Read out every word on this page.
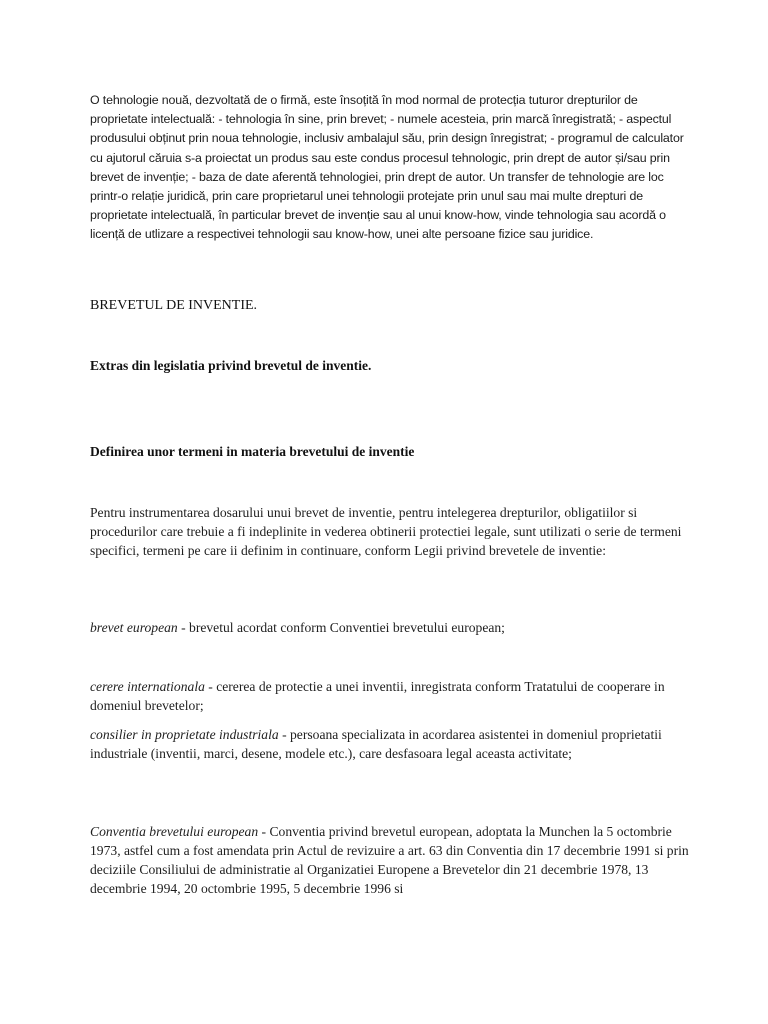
O tehnologie nouă, dezvoltată de o firmă, este însoțită în mod normal de protecția tuturor drepturilor de proprietate intelectuală: - tehnologia în sine, prin brevet; - numele acesteia, prin marcă înregistrată; - aspectul produsului obținut prin noua tehnologie, inclusiv ambalajul său, prin design înregistrat; - programul de calculator cu ajutorul căruia s-a proiectat un produs sau este condus procesul tehnologic, prin drept de autor și/sau prin brevet de invenție; - baza de date aferentă tehnologiei, prin drept de autor. Un transfer de tehnologie are loc printr-o relație juridică, prin care proprietarul unei tehnologii protejate prin unul sau mai multe drepturi de proprietate intelectuală, în particular brevet de invenție sau al unui know-how, vinde tehnologia sau acordă o licență de utlizare a respectivei tehnologii sau know-how, unei alte persoane fizice sau juridice.

BREVETUL DE INVENTIE.
Extras din legislatia privind brevetul de inventie.
Definirea unor termeni in materia brevetului de inventie

Pentru instrumentarea dosarului unui brevet de inventie, pentru intelegerea drepturilor, obligatiilor si procedurilor care trebuie a fi indeplinite in vederea obtinerii protectiei legale, sunt utilizati o serie de termeni specifici, termeni pe care ii definim in continuare, conform Legii privind brevetele de inventie:

brevet european - brevetul acordat conform Conventiei brevetului european;

cerere internationala - cererea de protectie a unei inventii, inregistrata conform Tratatului de cooperare in domeniul brevetelor;

consilier in proprietate industriala - persoana specializata in acordarea asistentei in domeniul proprietatii industriale (inventii, marci, desene, modele etc.), care desfasoara legal aceasta activitate;

Conventia brevetului european - Conventia privind brevetul european, adoptata la Munchen la 5 octombrie 1973, astfel cum a fost amendata prin Actul de revizuire a art. 63 din Conventia din 17 decembrie 1991 si prin deciziile Consiliului de administratie al Organizatiei Europene a Brevetelor din 21 decembrie 1978, 13 decembrie 1994, 20 octombrie 1995, 5 decembrie 1996 si
